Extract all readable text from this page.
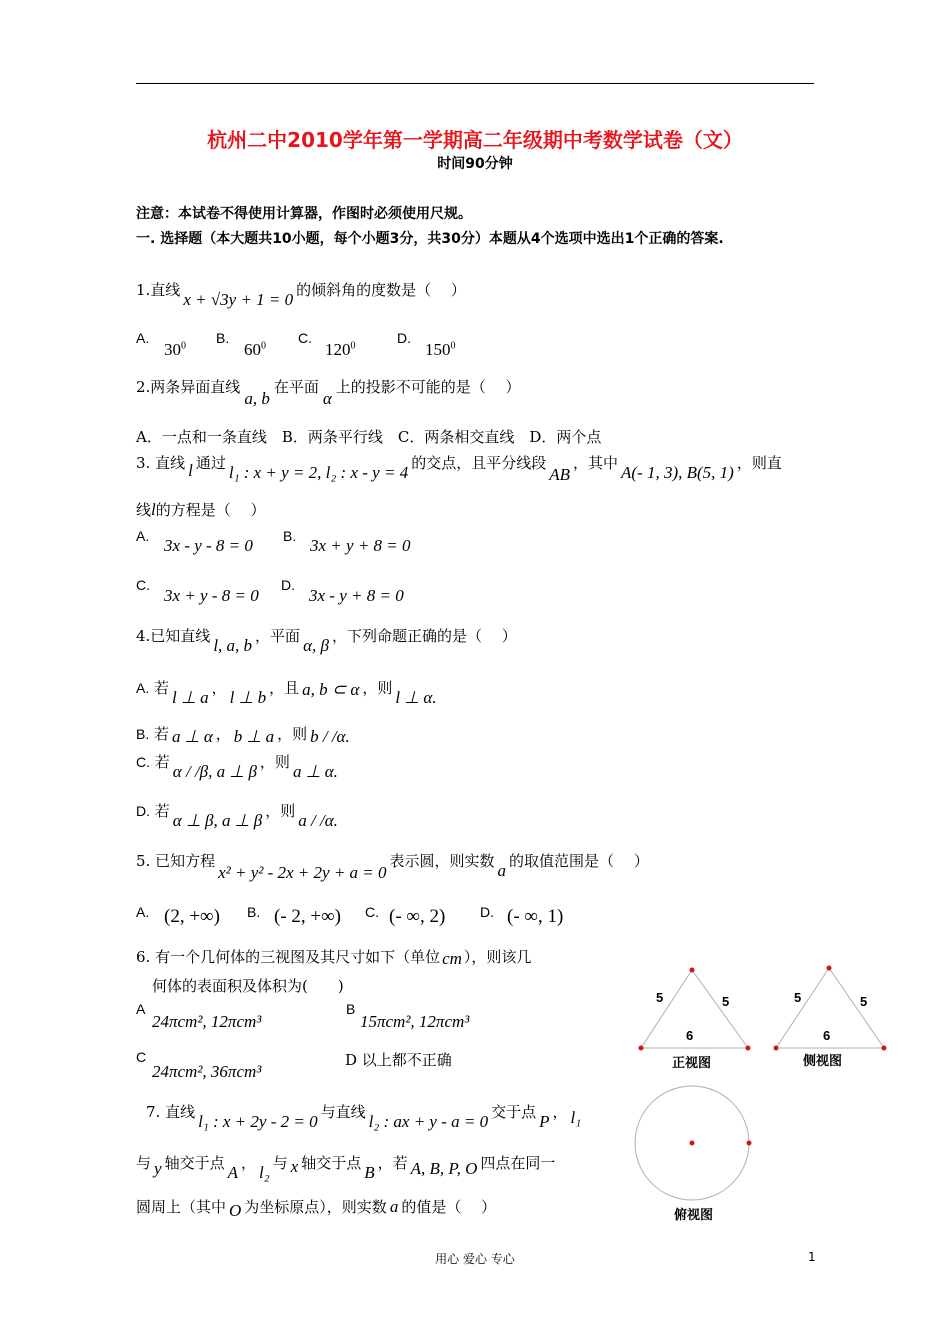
杭州二中2010学年第一学期高二年级期中考数学试卷（文）
时间90分钟
注意：本试卷不得使用计算器，作图时必须使用尺规。
一. 选择题（本大题共10小题，每个小题3分，共30分）本题从4个选项中选出1个正确的答案.
1.直线 x + √3y + 1 = 0 的倾斜角的度数是（　 ）
A.
$30^0$ B.
$60^0$ C.
$120^0$	D.
$150^0$
2.两条异面直线a, b在平面α上的投影不可能的是（　 ）
A．一点和一条直线　B．两条平行线　C．两条相交直线　D．两个点
3. 直线 l 通过 l₁ : x + y = 2, l₂ : x - y = 4 的交点，且平分线段AB，其中 A(- 1, 3), B(5, 1) ，则直
线l的方程是（　 ）
A. 3x - y - 8 = 0 B. 3x + y + 8 = 0
C.
3x + y - 8 = 0
D.
3x - y + 8 = 0
4.已知直线 l, a, b ，平面 α, β ，下列命题正确的是（　 ）
A. 若 l ⊥ a ， l ⊥ b ，且 a, b ⊂ α ，则 l ⊥ α.
B. 若 a ⊥ α ， b ⊥ a ，则 b / /α.
C. 若 α / /β, a ⊥ β ，则 a ⊥ α.
D. 若 α ⊥ β, a ⊥ β ，则 a / /α.
5. 已知方程x² + y² - 2x + 2y + a = 0表示圆，则实数 a 的取值范围是（　 ）
A. (2, +∞) B. (- 2, +∞) C. (- ∞, 2) D. (- ∞, 1)
6. 有一个几何体的三视图及其尺寸如下（单位 cm ），则该几
何体的表面积及体积为(　　)
A
24πcm², 12πcm³
B
15πcm², 12πcm³
C
24πcm², 36πcm³
D 以上都不正确
7. 直线 l₁ : x + 2y - 2 = 0 与直线 l₂ : ax + y - a = 0 交于点 P ， l₁
与 y 轴交于点 A ， l₂ 与 x 轴交于点 B ，若 A, B, P, O 四点在同一
圆周上（其中 O 为坐标原点），则实数 a 的值是（　 ）
5	5
6
正视图
5	5
6
侧视图
俯视图
用心 爱心 专心	1
